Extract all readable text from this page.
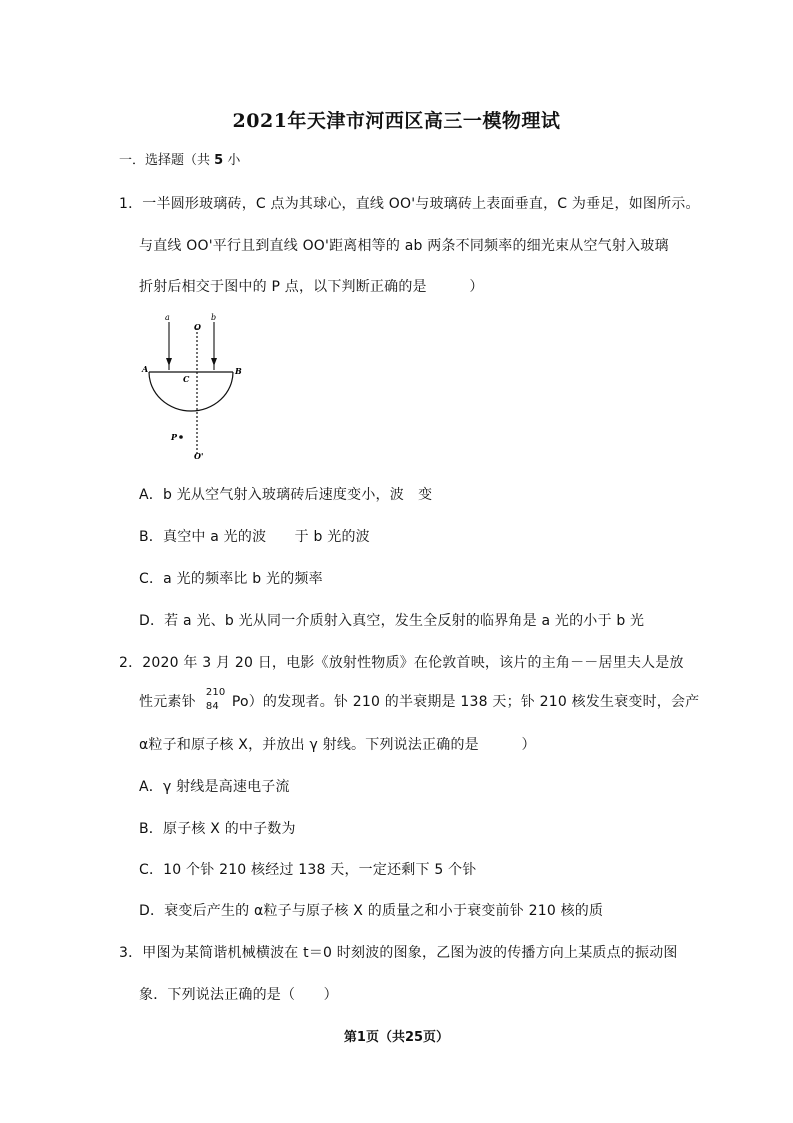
2021年天津市河西区高三一模物理试
一．选择题（共 5 小
1．一半圆形玻璃砖，C 点为其球心，直线 OO'与玻璃砖上表面垂直，C 为垂足，如图所示。
与直线 OO'平行且到直线 OO'距离相等的 ab 两条不同频率的细光束从空气射入玻璃
折射后相交于图中的 P 点，以下判断正确的是　　　）
a
O
b
A
C
B
P
O'
A．b 光从空气射入玻璃砖后速度变小，波　变
B．真空中 a 光的波　　于 b 光的波
C．a 光的频率比 b 光的频率
D．若 a 光、b 光从同一介质射入真空，发生全反射的临界角是 a 光的小于 b 光
2．2020 年 3 月 20 日，电影《放射性物质》在伦敦首映，该片的主角－－居里夫人是放
性元素钋
210
84 Po）的发现者。钋 210 的半衰期是 138 天；钋 210 核发生衰变时，会产
α粒子和原子核 X，并放出 γ 射线。下列说法正确的是　　　）
A．γ 射线是高速电子流
B．原子核 X 的中子数为
C．10 个钋 210 核经过 138 天，一定还剩下 5 个钋
D．衰变后产生的 α粒子与原子核 X 的质量之和小于衰变前钋 210 核的质
3．甲图为某简谐机械横波在 t＝0 时刻波的图象，乙图为波的传播方向上某质点的振动图
象．下列说法正确的是（　　）
第1页（共25页）
